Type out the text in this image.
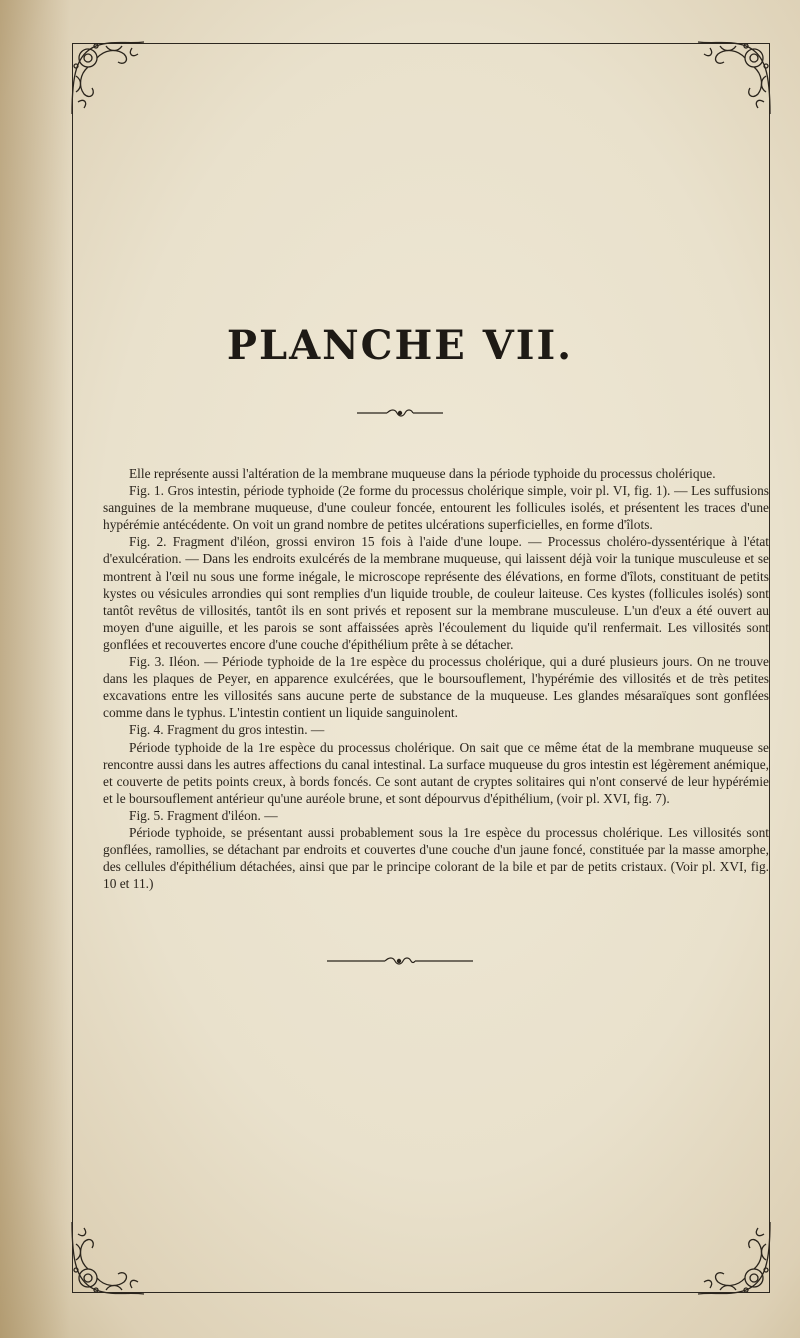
PLANCHE VII.

Elle représente aussi l'altération de la membrane muqueuse dans la période typhoide du processus cholérique.

Fig. 1. Gros intestin, période typhoide (2e forme du processus cholérique simple, voir pl. VI, fig. 1). — Les suffusions sanguines de la membrane muqueuse, d'une couleur foncée, entourent les follicules isolés, et présentent les traces d'une hypérémie antécédente. On voit un grand nombre de petites ulcérations superficielles, en forme d'îlots.

Fig. 2. Fragment d'iléon, grossi environ 15 fois à l'aide d'une loupe. — Processus choléro-dyssentérique à l'état d'exulcération. — Dans les endroits exulcérés de la membrane muqueuse, qui laissent déjà voir la tunique musculeuse et se montrent à l'œil nu sous une forme inégale, le microscope représente des élévations, en forme d'îlots, constituant de petits kystes ou vésicules arrondies qui sont remplies d'un liquide trouble, de couleur laiteuse. Ces kystes (follicules isolés) sont tantôt revêtus de villosités, tantôt ils en sont privés et reposent sur la membrane musculeuse. L'un d'eux a été ouvert au moyen d'une aiguille, et les parois se sont affaissées après l'écoulement du liquide qu'il renfermait. Les villosités sont gonflées et recouvertes encore d'une couche d'épithélium prête à se détacher.

Fig. 3. Iléon. — Période typhoide de la 1re espèce du processus cholérique, qui a duré plusieurs jours. On ne trouve dans les plaques de Peyer, en apparence exulcérées, que le boursouflement, l'hypérémie des villosités et de très petites excavations entre les villosités sans aucune perte de substance de la muqueuse. Les glandes mésaraïques sont gonflées comme dans le typhus. L'intestin contient un liquide sanguinolent.

Fig. 4. Fragment du gros intestin. —

Période typhoide de la 1re espèce du processus cholérique. On sait que ce même état de la membrane muqueuse se rencontre aussi dans les autres affections du canal intestinal. La surface muqueuse du gros intestin est légèrement anémique, et couverte de petits points creux, à bords foncés. Ce sont autant de cryptes solitaires qui n'ont conservé de leur hypérémie et le boursouflement antérieur qu'une auréole brune, et sont dépourvus d'épithélium, (voir pl. XVI, fig. 7).

Fig. 5. Fragment d'iléon. —

Période typhoide, se présentant aussi probablement sous la 1re espèce du processus cholérique. Les villosités sont gonflées, ramollies, se détachant par endroits et couvertes d'une couche d'un jaune foncé, constituée par la masse amorphe, des cellules d'épithélium détachées, ainsi que par le principe colorant de la bile et par de petits cristaux. (Voir pl. XVI, fig. 10 et 11.)
